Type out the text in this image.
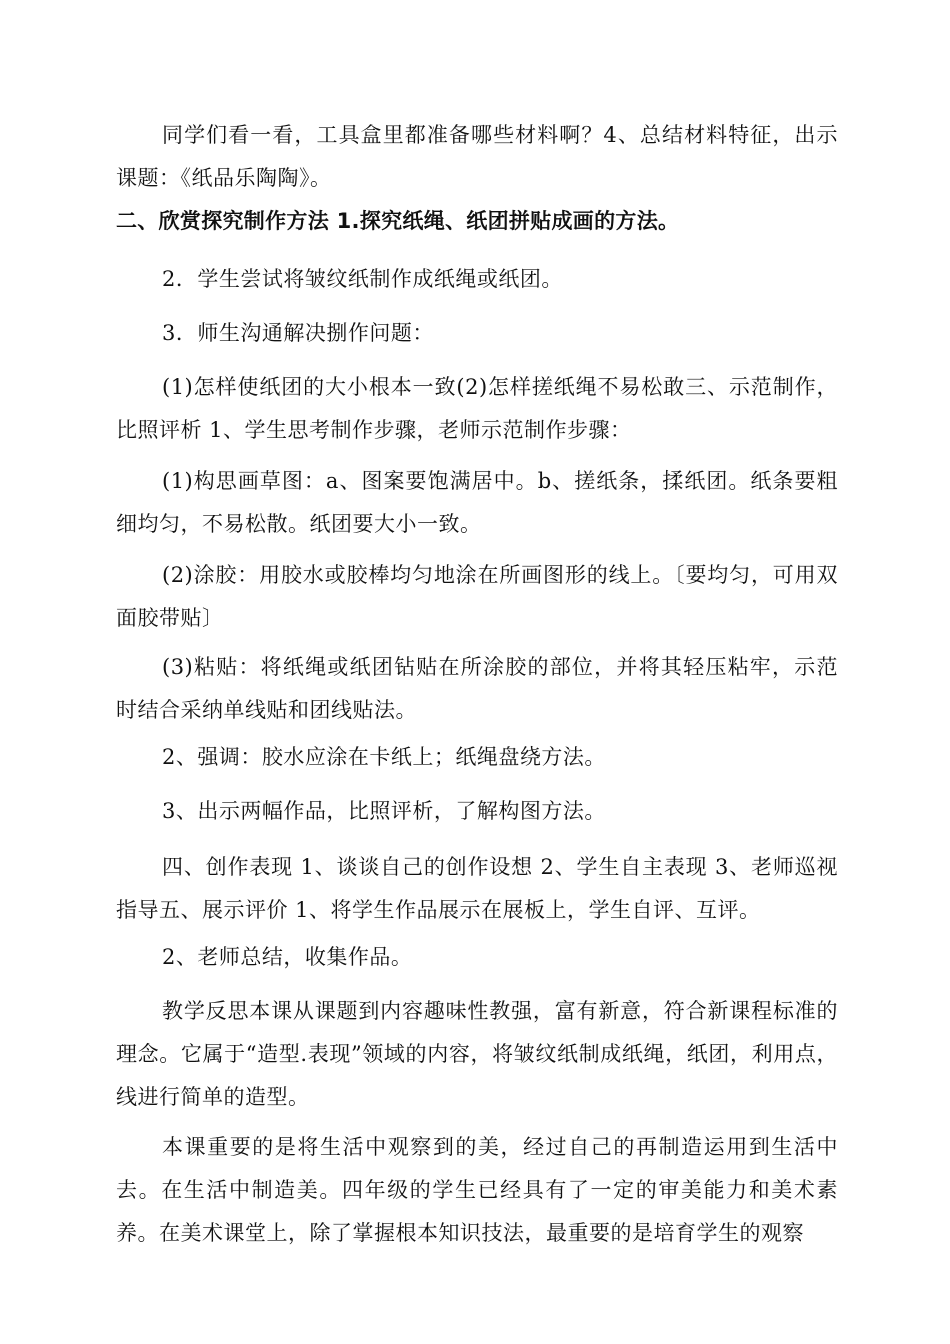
同学们看一看，工具盒里都准备哪些材料啊？4、总结材料特征，出示课题：《纸品乐陶陶》。

二、欣赏探究制作方法 1.探究纸绳、纸团拼贴成画的方法。

2．学生尝试将皱纹纸制作成纸绳或纸团。

3．师生沟通解决捌作问题：

(1)怎样使纸团的大小根本一致(2)怎样搓纸绳不易松敢三、示范制作，比照评析 1、学生思考制作步骤，老师示范制作步骤：

(1)构思画草图：a、图案要饱满居中。b、搓纸条，揉纸团。纸条要粗细均匀，不易松散。纸团要大小一致。

(2)涂胶：用胶水或胶棒均匀地涂在所画图形的线上。〔要均匀，可用双面胶带贴〕

(3)粘贴：将纸绳或纸团钻贴在所涂胶的部位，并将其轻压粘牢，示范时结合采纳单线贴和团线贴法。

2、强调：胶水应涂在卡纸上；纸绳盘绕方法。

3、出示两幅作品，比照评析，了解构图方法。

四、创作表现 1、谈谈自己的创作设想 2、学生自主表现 3、老师巡视指导五、展示评价 1、将学生作品展示在展板上，学生自评、互评。

2、老师总结，收集作品。

教学反思本课从课题到内容趣味性教强，富有新意，符合新课程标准的理念。它属于“造型.表现”领域的内容，将皱纹纸制成纸绳，纸团，利用点，线进行简单的造型。

本课重要的是将生活中观察到的美，经过自己的再制造运用到生活中去。在生活中制造美。四年级的学生已经具有了一定的审美能力和美术素养。在美术课堂上，除了掌握根本知识技法，最重要的是培育学生的观察
